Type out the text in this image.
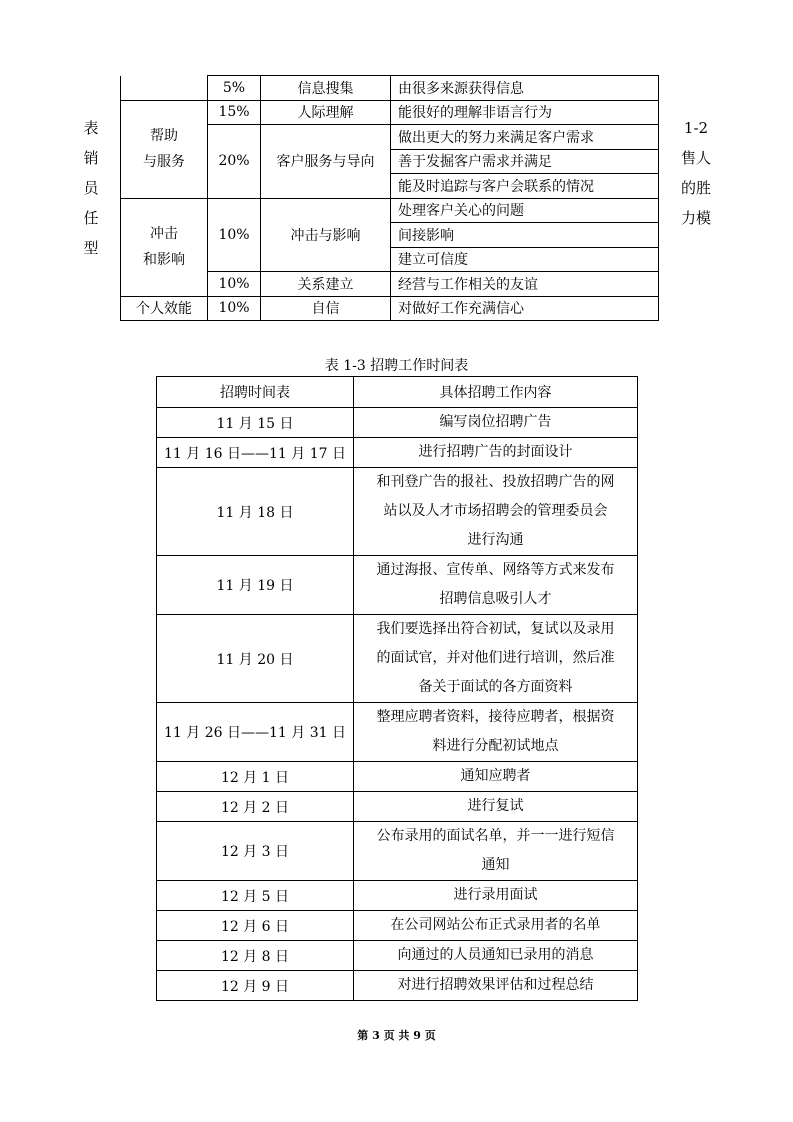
表
销
员
任
型
1-2
售人
的胜
力模
	5%	信息搜集	由很多来源获得信息

帮助
与服务	15%	人际理解	能很好的理解非语言行为
	20%	客户服务与导向	做出更大的努力来满足客户需求
			善于发掘客户需求并满足
			能及时追踪与客户会联系的情况

冲击
和影响	10%	冲击与影响	处理客户关心的问题
			间接影响
			建立可信度
	10%	关系建立	经营与工作相关的友谊
个人效能	10%	自信	对做好工作充满信心
表 1-3 招聘工作时间表
招聘时间表	具体招聘工作内容
11 月 15 日	编写岗位招聘广告

11 月 16 日——11 月 17 日	进行招聘广告的封面设计

11 月 18 日	和刊登广告的报社、投放招聘广告的网
站以及人才市场招聘会的管理委员会
进行沟通

11 月 19 日	通过海报、宣传单、网络等方式来发布
招聘信息吸引人才

11 月 20 日	我们要选择出符合初试，复试以及录用
的面试官，并对他们进行培训，然后准
备关于面试的各方面资料

11 月 26 日——11 月 31 日	整理应聘者资料，接待应聘者，根据资
料进行分配初试地点

12 月 1 日	通知应聘者

12 月 2 日	进行复试

12 月 3 日	公布录用的面试名单，并一一进行短信
通知

12 月 5 日	进行录用面试

12 月 6 日	在公司网站公布正式录用者的名单

12 月 8 日	向通过的人员通知已录用的消息

12 月 9 日	对进行招聘效果评估和过程总结
第 3 页 共 9 页
